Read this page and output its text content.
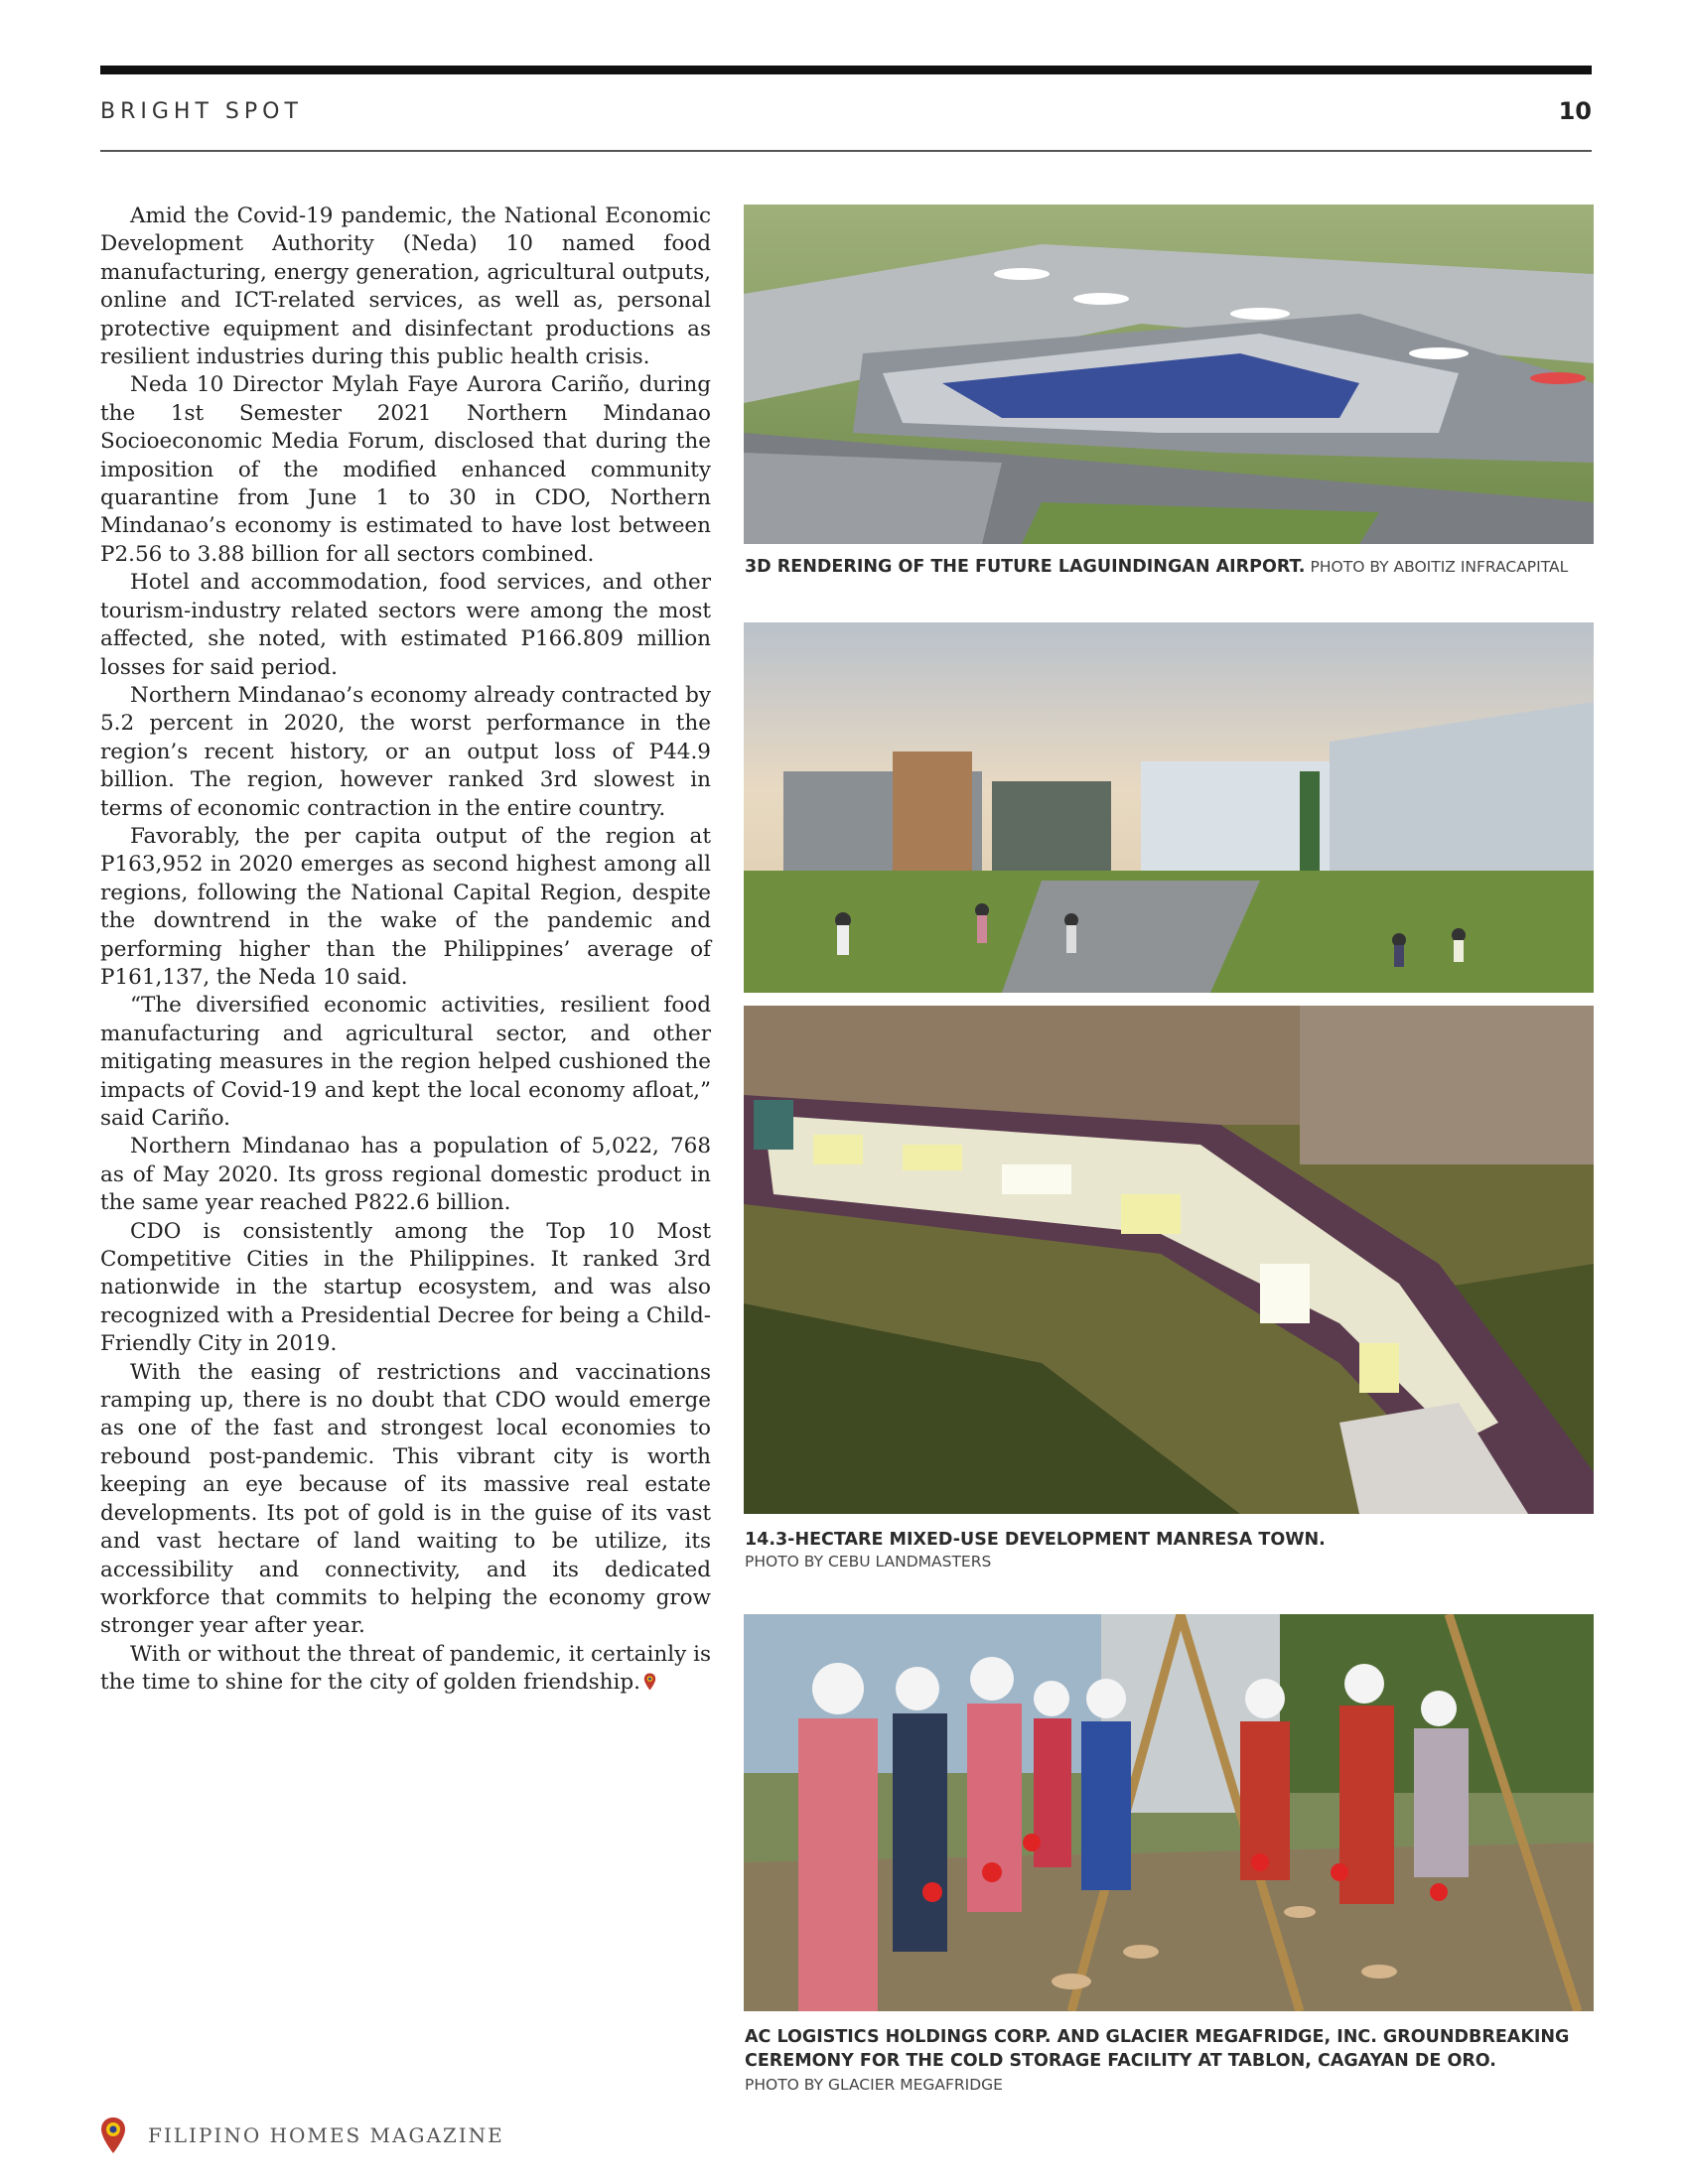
BRIGHT SPOT	10

Amid the Covid-19 pandemic, the National Economic Development Authority (Neda) 10 named food manufacturing, energy generation, agricultural outputs, online and ICT-related services, as well as, personal protective equipment and disinfectant productions as resilient industries during this public health crisis.

Neda 10 Director Mylah Faye Aurora Cariño, during the 1st Semester 2021 Northern Mindanao Socioeconomic Media Forum, disclosed that during the imposition of the modified enhanced community quarantine from June 1 to 30 in CDO, Northern Mindanao’s economy is estimated to have lost between P2.56 to 3.88 billion for all sectors combined.

Hotel and accommodation, food services, and other tourism-industry related sectors were among the most affected, she noted, with estimated P166.809 million losses for said period.

Northern Mindanao’s economy already contracted by 5.2 percent in 2020, the worst performance in the region’s recent history, or an output loss of P44.9 billion. The region, however ranked 3rd slowest in terms of economic contraction in the entire country.

Favorably, the per capita output of the region at P163,952 in 2020 emerges as second highest among all regions, following the National Capital Region, despite the downtrend in the wake of the pandemic and performing higher than the Philippines’ average of P161,137, the Neda 10 said.

“The diversified economic activities, resilient food manufacturing and agricultural sector, and other mitigating measures in the region helped cushioned the impacts of Covid-19 and kept the local economy afloat,” said Cariño.

Northern Mindanao has a population of 5,022, 768 as of May 2020. Its gross regional domestic product in the same year reached P822.6 billion.

CDO is consistently among the Top 10 Most Competitive Cities in the Philippines. It ranked 3rd nationwide in the startup ecosystem, and was also recognized with a Presidential Decree for being a Child-Friendly City in 2019.

With the easing of restrictions and vaccinations ramping up, there is no doubt that CDO would emerge as one of the fast and strongest local economies to rebound post-pandemic. This vibrant city is worth keeping an eye because of its massive real estate developments. Its pot of gold is in the guise of its vast and vast hectare of land waiting to be utilize, its accessibility and connectivity, and its dedicated workforce that commits to helping the economy grow stronger year after year.

With or without the threat of pandemic, it certainly is the time to shine for the city of golden friendship.

3D RENDERING OF THE FUTURE LAGUINDINGAN AIRPORT. PHOTO BY ABOITIZ INFRACAPITAL
14.3-HECTARE MIXED-USE DEVELOPMENT MANRESA TOWN.
PHOTO BY CEBU LANDMASTERS
AC LOGISTICS HOLDINGS CORP. AND GLACIER MEGAFRIDGE, INC. GROUNDBREAKING
CEREMONY FOR THE COLD STORAGE FACILITY AT TABLON, CAGAYAN DE ORO.
PHOTO BY GLACIER MEGAFRIDGE
FILIPINO HOMES MAGAZINE
